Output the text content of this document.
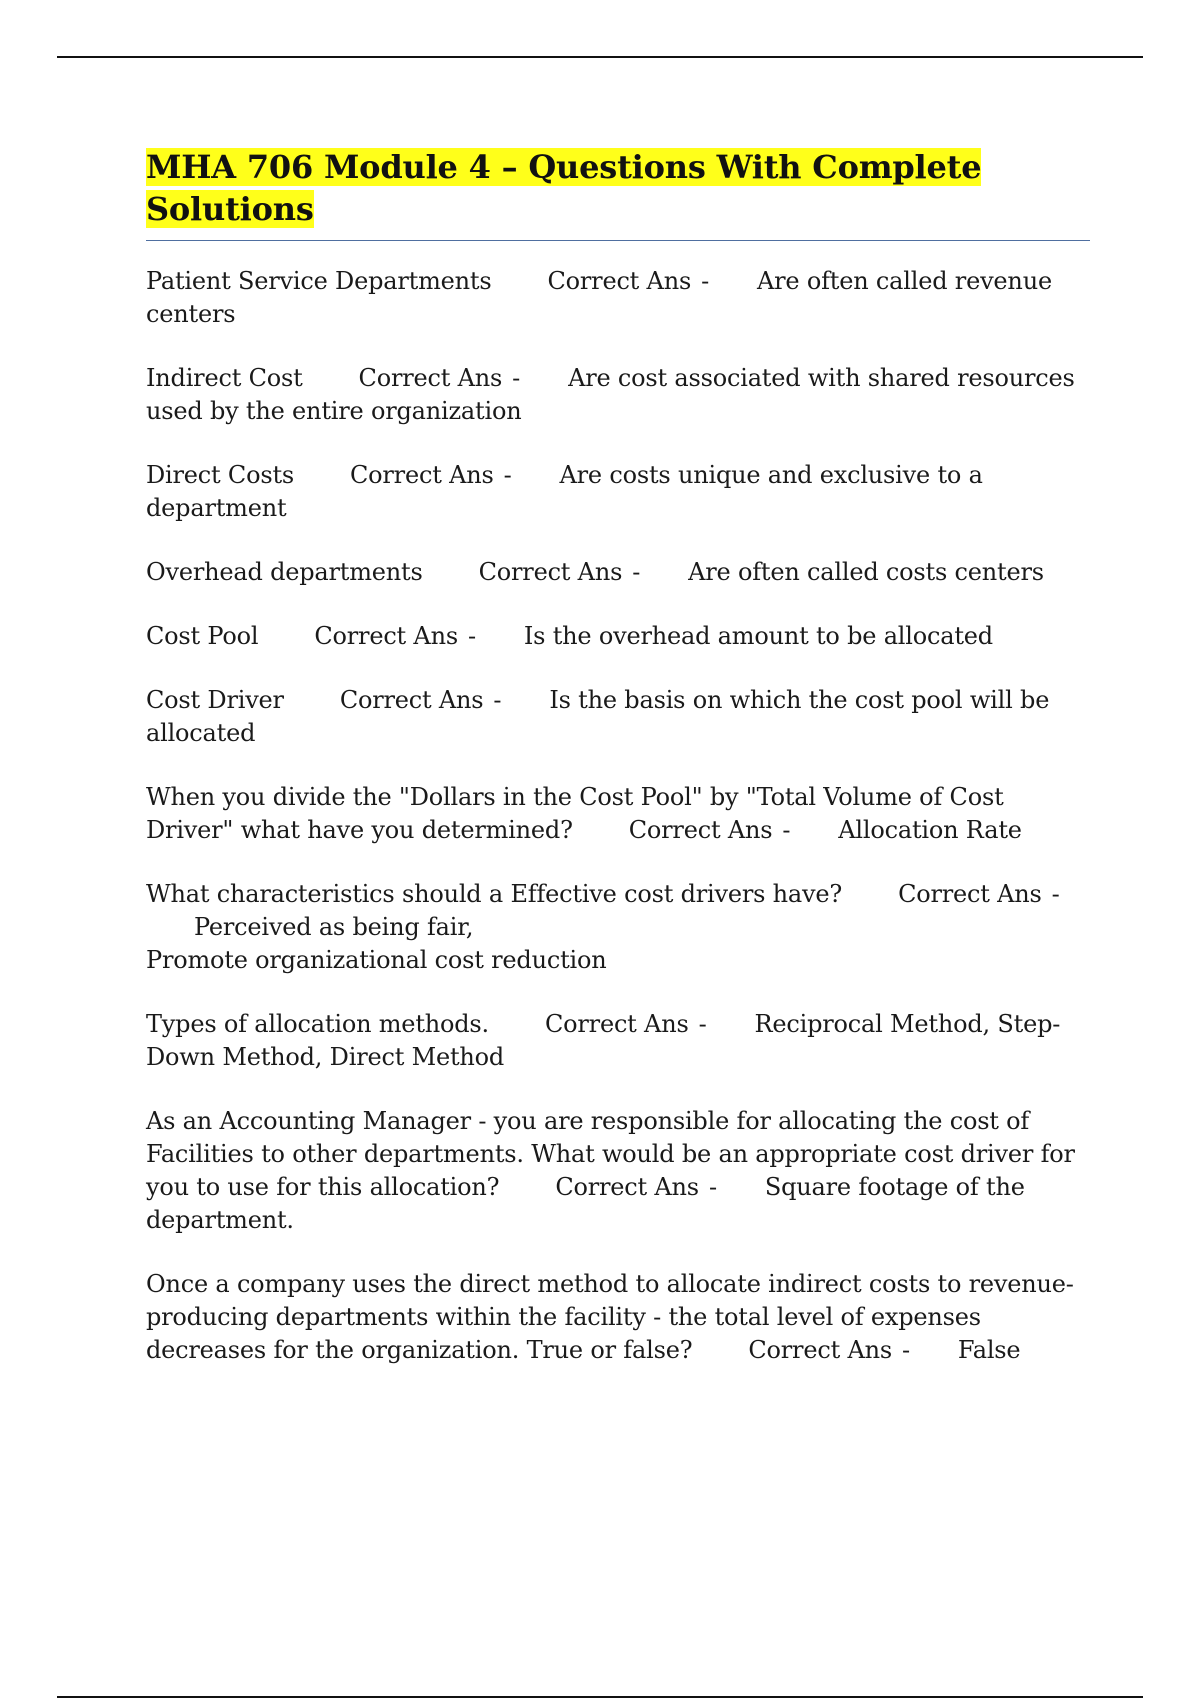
MHA 706 Module 4 – Questions With Complete Solutions

Patient Service Departments Correct Ans - Are often called revenue centers

Indirect Cost Correct Ans - Are cost associated with shared resources used by the entire organization

Direct Costs Correct Ans - Are costs unique and exclusive to a department

Overhead departments Correct Ans - Are often called costs centers

Cost Pool Correct Ans - Is the overhead amount to be allocated

Cost Driver Correct Ans - Is the basis on which the cost pool will be allocated

When you divide the "Dollars in the Cost Pool" by "Total Volume of Cost Driver" what have you determined? Correct Ans - Allocation Rate

What characteristics should a Effective cost drivers have? Correct Ans -Perceived as being fair,
Promote organizational cost reduction

Types of allocation methods. Correct Ans - Reciprocal Method, Step-Down Method, Direct Method

As an Accounting Manager - you are responsible for allocating the cost of Facilities to other departments. What would be an appropriate cost driver for you to use for this allocation? Correct Ans - Square footage of the department.

Once a company uses the direct method to allocate indirect costs to revenue-producing departments within the facility - the total level of expenses decreases for the organization. True or false? Correct Ans - False
